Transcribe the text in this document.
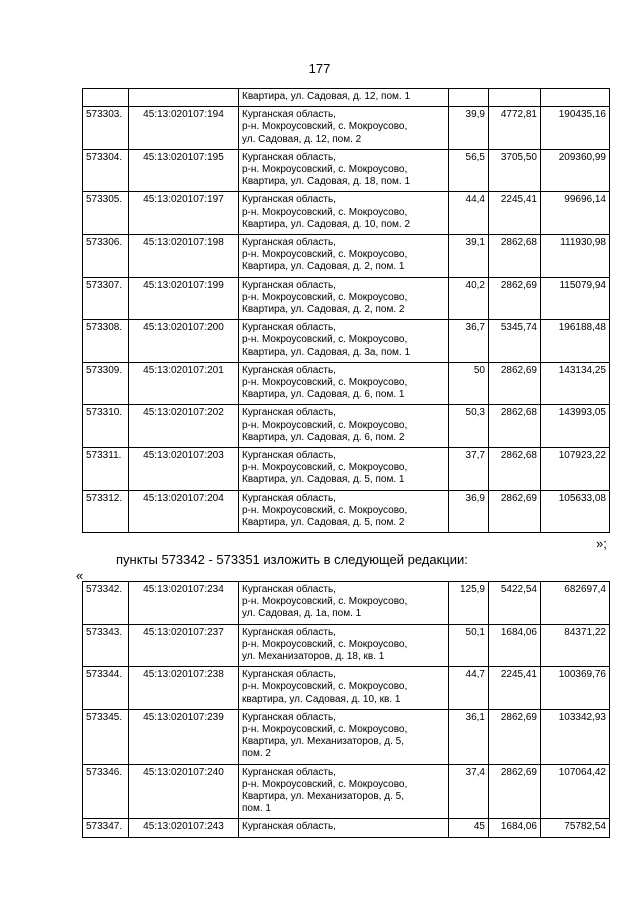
177

		Квартира, ул. Садовая, д. 12, пом. 1			

573303.	45:13:020107:194	Курганская область,
р-н. Мокроусовский, с. Мокроусово,
ул. Садовая, д. 12, пом. 2	39,9	4772,81	190435,16
573304.	45:13:020107:195	Курганская область,
р-н. Мокроусовский, с. Мокроусово,
Квартира, ул. Садовая, д. 18, пом. 1	56,5	3705,50	209360,99
573305.	45:13:020107:197	Курганская область,
р-н. Мокроусовский, с. Мокроусово,
Квартира, ул. Садовая, д. 10, пом. 2	44,4	2245,41	99696,14
573306.	45:13:020107:198	Курганская область,
р-н. Мокроусовский, с. Мокроусово,
Квартира, ул. Садовая, д. 2, пом. 1	39,1	2862,68	111930,98
573307.	45:13:020107:199	Курганская область,
р-н. Мокроусовский, с. Мокроусово,
Квартира, ул. Садовая, д. 2, пом. 2	40,2	2862,69	115079,94
573308.	45:13:020107:200	Курганская область,
р-н. Мокроусовский, с. Мокроусово,
Квартира, ул. Садовая, д. 3а, пом. 1	36,7	5345,74	196188,48
573309.	45:13:020107:201	Курганская область,
р-н. Мокроусовский, с. Мокроусово,
Квартира, ул. Садовая, д. 6, пом. 1	50	2862,69	143134,25
573310.	45:13:020107:202	Курганская область,
р-н. Мокроусовский, с. Мокроусово,
Квартира, ул. Садовая, д. 6, пом. 2	50,3	2862,68	143993,05
573311.	45:13:020107:203	Курганская область,
р-н. Мокроусовский, с. Мокроусово,
Квартира, ул. Садовая, д. 5, пом. 1	37,7	2862,68	107923,22
573312.	45:13:020107:204	Курганская область,
р-н. Мокроусовский, с. Мокроусово,
Квартира, ул. Садовая, д. 5, пом. 2	36,9	2862,69	105633,08
»;
пункты 573342 - 573351 изложить в следующей редакции:
«
573342.	45:13:020107:234	Курганская область,
р-н. Мокроусовский, с. Мокроусово,
ул. Садовая, д. 1а, пом. 1	125,9	5422,54	682697,4
573343.	45:13:020107:237	Курганская область,
р-н. Мокроусовский, с. Мокроусово,
ул. Механизаторов, д. 18, кв. 1	50,1	1684,06	84371,22
573344.	45:13:020107:238	Курганская область,
р-н. Мокроусовский, с. Мокроусово,
квартира, ул. Садовая, д. 10, кв. 1	44,7	2245,41	100369,76
573345.	45:13:020107:239	Курганская область,
р-н. Мокроусовский, с. Мокроусово,
Квартира, ул. Механизаторов, д. 5,
пом. 2	36,1	2862,69	103342,93
573346.	45:13:020107:240	Курганская область,
р-н. Мокроусовский, с. Мокроусово,
Квартира, ул. Механизаторов, д. 5,
пом. 1	37,4	2862,69	107064,42
573347.	45:13:020107:243	Курганская область,	45	1684,06	75782,54
